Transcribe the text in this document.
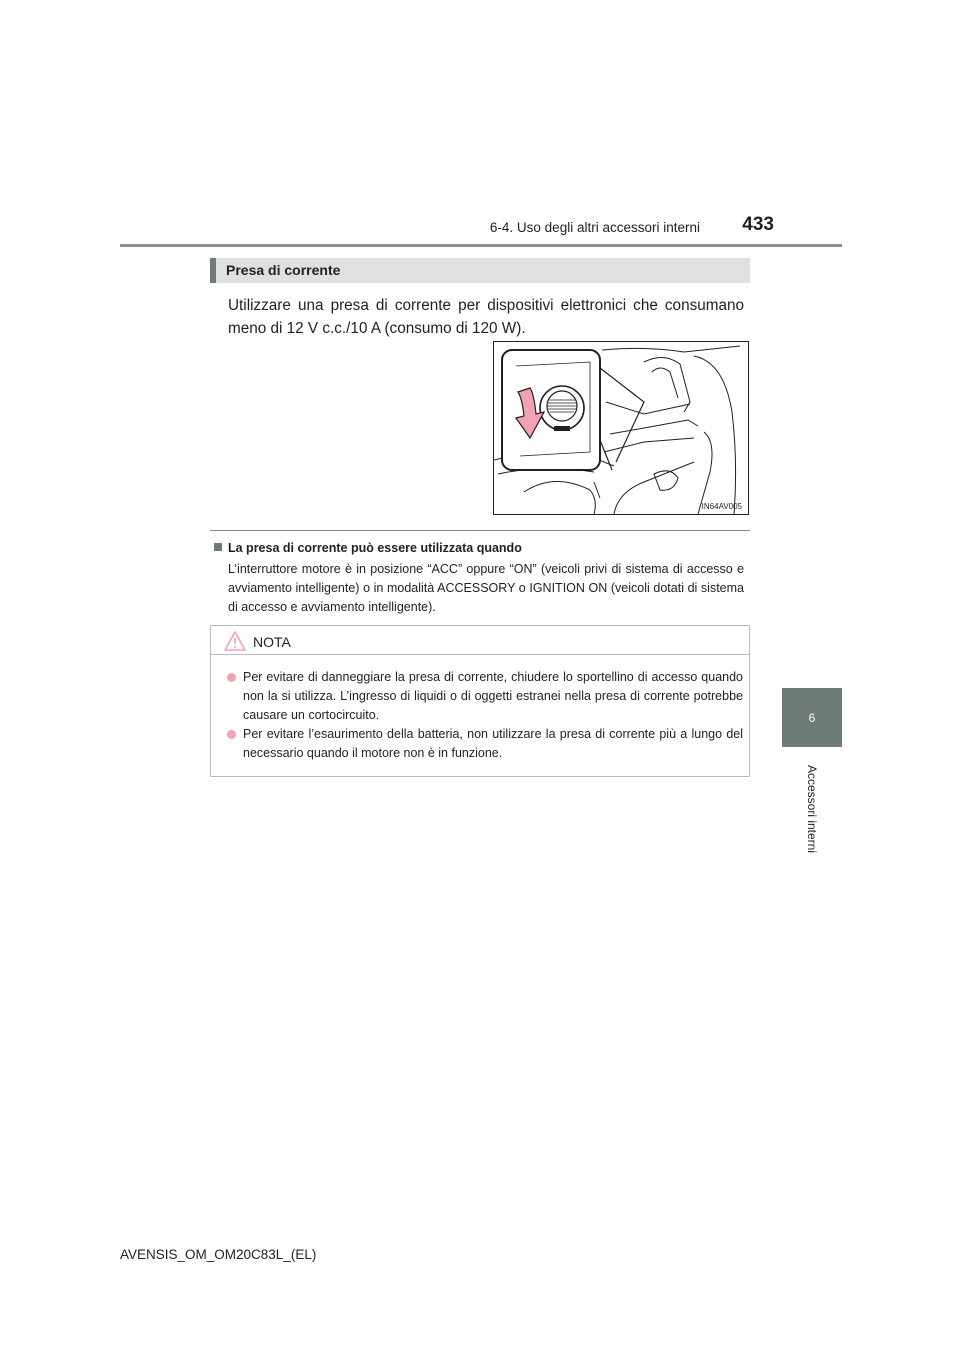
6-4. Uso degli altri accessori interni	433
6
Accessori interni
Presa di corrente
Utilizzare una presa di corrente per dispositivi elettronici che consumano meno di 12 V c.c./10 A (consumo di 120 W).
IN64AV005
La presa di corrente può essere utilizzata quando
L’interruttore motore è in posizione “ACC” oppure “ON” (veicoli privi di sistema di accesso e avviamento intelligente) o in modalità ACCESSORY o IGNITION ON (veicoli dotati di sistema di accesso e avviamento intelligente).
NOTA
Per evitare di danneggiare la presa di corrente, chiudere lo sportellino di accesso quando non la si utilizza. L’ingresso di liquidi o di oggetti estranei nella presa di corrente potrebbe causare un cortocircuito.
Per evitare l’esaurimento della batteria, non utilizzare la presa di corrente più a lungo del necessario quando il motore non è in funzione.
AVENSIS_OM_OM20C83L_(EL)
